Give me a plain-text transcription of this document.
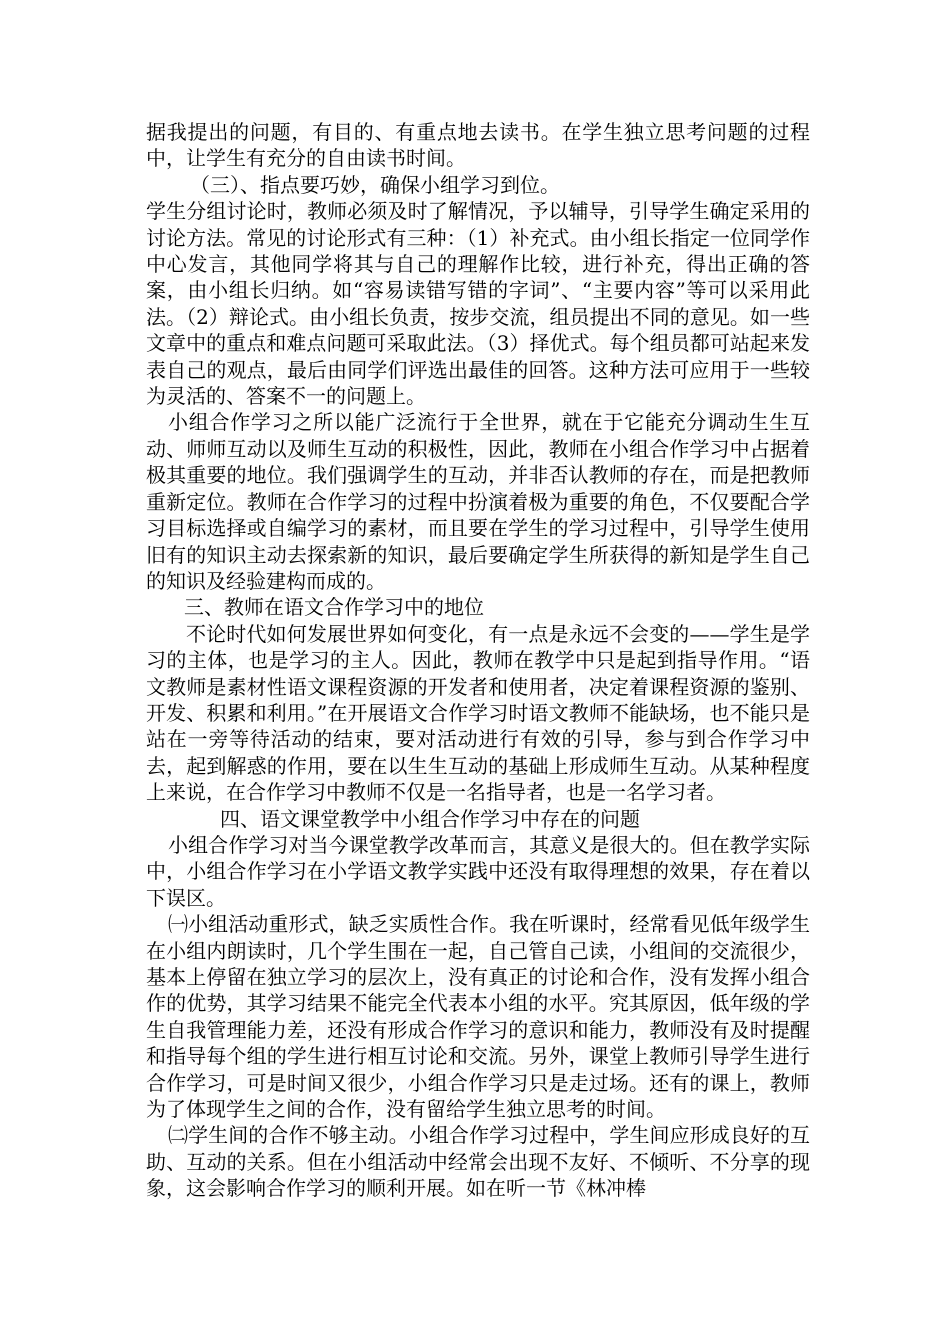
据我提出的问题，有目的、有重点地去读书。在学生独立思考问题的过程中，让学生有充分的自由读书时间。

（三）、指点要巧妙，确保小组学习到位。

学生分组讨论时，教师必须及时了解情况，予以辅导，引导学生确定采用的讨论方法。常见的讨论形式有三种：（1）补充式。由小组长指定一位同学作中心发言，其他同学将其与自己的理解作比较，进行补充，得出正确的答案，由小组长归纳。如“容易读错写错的字词”、“主要内容”等可以采用此法。（2）辩论式。由小组长负责，按步交流，组员提出不同的意见。如一些文章中的重点和难点问题可采取此法。（3）择优式。每个组员都可站起来发表自己的观点，最后由同学们评选出最佳的回答。这种方法可应用于一些较为灵活的、答案不一的问题上。

小组合作学习之所以能广泛流行于全世界，就在于它能充分调动生生互动、师师互动以及师生互动的积极性，因此，教师在小组合作学习中占据着极其重要的地位。我们强调学生的互动，并非否认教师的存在，而是把教师重新定位。教师在合作学习的过程中扮演着极为重要的角色，不仅要配合学习目标选择或自编学习的素材，而且要在学生的学习过程中，引导学生使用旧有的知识主动去探索新的知识，最后要确定学生所获得的新知是学生自己的知识及经验建构而成的。

三、教师在语文合作学习中的地位

不论时代如何发展世界如何变化，有一点是永远不会变的——学生是学习的主体，也是学习的主人。因此，教师在教学中只是起到指导作用。“语文教师是素材性语文课程资源的开发者和使用者，决定着课程资源的鉴别、开发、积累和利用。”在开展语文合作学习时语文教师不能缺场，也不能只是站在一旁等待活动的结束，要对活动进行有效的引导，参与到合作学习中去，起到解惑的作用，要在以生生互动的基础上形成师生互动。从某种程度上来说，在合作学习中教师不仅是一名指导者，也是一名学习者。

四、语文课堂教学中小组合作学习中存在的问题

小组合作学习对当今课堂教学改革而言，其意义是很大的。但在教学实际中，小组合作学习在小学语文教学实践中还没有取得理想的效果，存在着以下误区。

㈠小组活动重形式，缺乏实质性合作。我在听课时，经常看见低年级学生在小组内朗读时，几个学生围在一起，自己管自己读，小组间的交流很少，基本上停留在独立学习的层次上，没有真正的讨论和合作，没有发挥小组合作的优势，其学习结果不能完全代表本小组的水平。究其原因，低年级的学生自我管理能力差，还没有形成合作学习的意识和能力，教师没有及时提醒和指导每个组的学生进行相互讨论和交流。另外，课堂上教师引导学生进行合作学习，可是时间又很少，小组合作学习只是走过场。还有的课上，教师为了体现学生之间的合作，没有留给学生独立思考的时间。

㈡学生间的合作不够主动。小组合作学习过程中，学生间应形成良好的互助、互动的关系。但在小组活动中经常会出现不友好、不倾听、不分享的现象，这会影响合作学习的顺利开展。如在听一节《林冲棒
